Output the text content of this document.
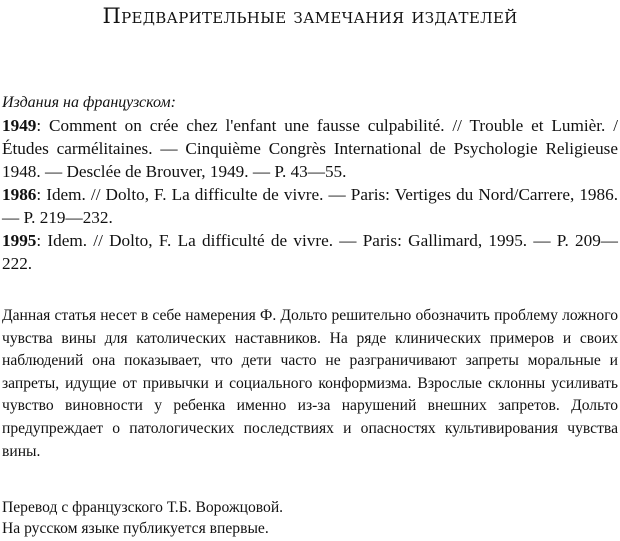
Предварительные замечания издателей
Издания на французском:
1949: Comment on crée chez l'enfant une fausse culpabilité. // Trouble et Lumièr. / Études carmélitaines. — Cinquième Congrès International de Psychologie Religieuse 1948. — Desclée de Brouver, 1949. — P. 43—55.
1986: Idem. // Dolto, F. La difficulte de vivre. — Paris: Vertiges du Nord/Carrere, 1986. — P. 219—232.
1995: Idem. // Dolto, F. La difficulté de vivre. — Paris: Gallimard, 1995. — P. 209—222.
Данная статья несет в себе намерения Ф. Дольто решительно обозначить проблему ложного чувства вины для католических наставников. На ряде клинических примеров и своих наблюдений она показывает, что дети часто не разграничивают запреты моральные и запреты, идущие от привычки и социального конформизма. Взрослые склонны усиливать чувство виновности у ребенка именно из-за нарушений внешних запретов. Дольто предупреждает о патологических последствиях и опасностях культивирования чувства вины.
Перевод с французского Т.Б. Ворожцовой.
На русском языке публикуется впервые.
